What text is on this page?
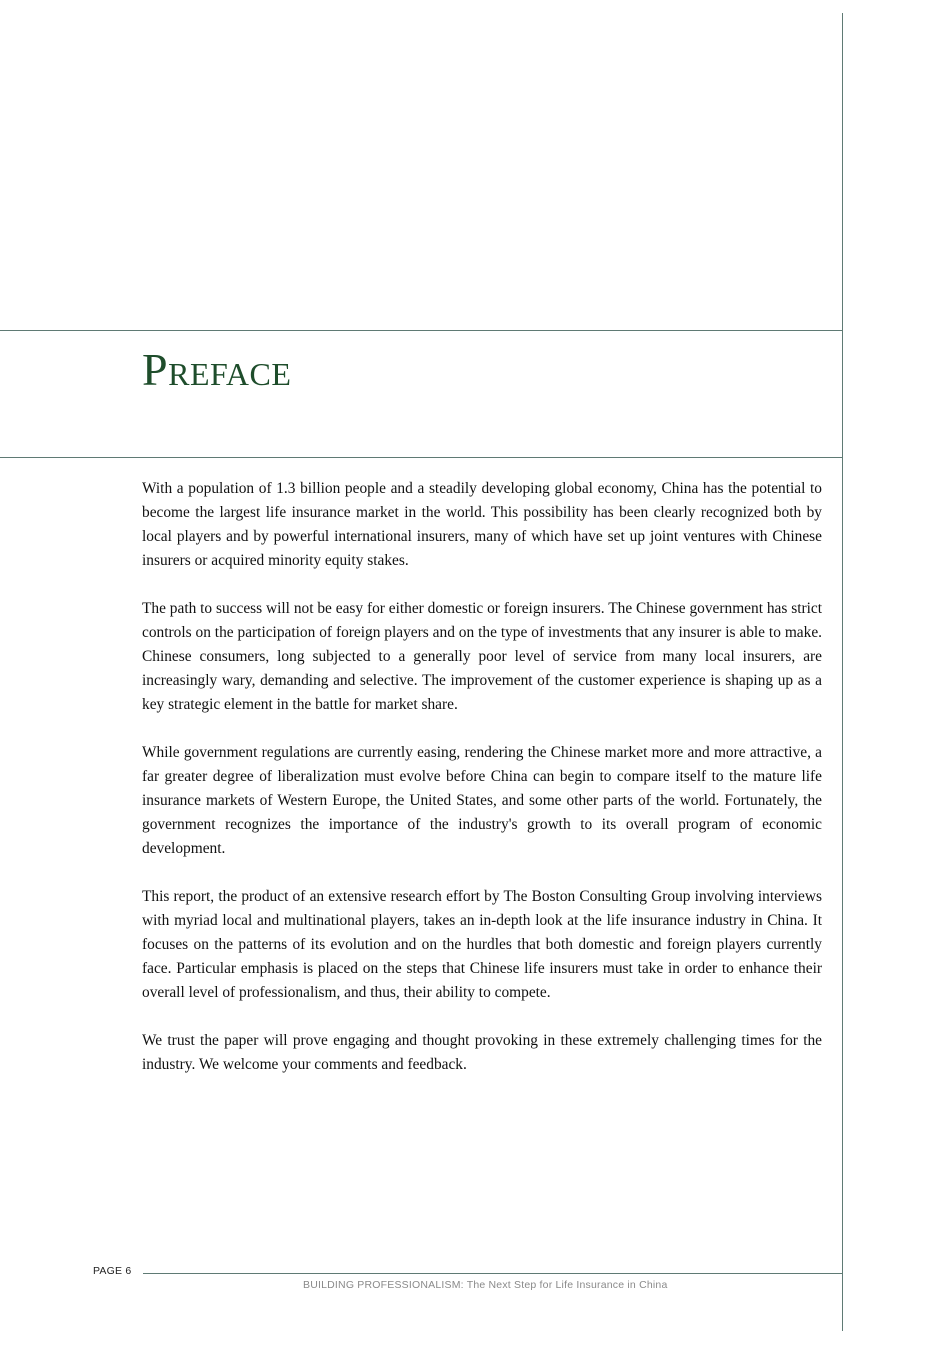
PREFACE

With a population of 1.3 billion people and a steadily developing global economy, China has the potential to become the largest life insurance market in the world. This possibility has been clearly recognized both by local players and by powerful international insurers, many of which have set up joint ventures with Chinese insurers or acquired minority equity stakes.

The path to success will not be easy for either domestic or foreign insurers. The Chinese government has strict controls on the participation of foreign players and on the type of investments that any insurer is able to make. Chinese consumers, long subjected to a generally poor level of service from many local insurers, are increasingly wary, demanding and selective. The improvement of the customer experience is shaping up as a key strategic element in the battle for market share.

While government regulations are currently easing, rendering the Chinese market more and more attractive, a far greater degree of liberalization must evolve before China can begin to compare itself to the mature life insurance markets of Western Europe, the United States, and some other parts of the world. Fortunately, the government recognizes the importance of the industry's growth to its overall program of economic development.

This report, the product of an extensive research effort by The Boston Consulting Group involving interviews with myriad local and multinational players, takes an in-depth look at the life insurance industry in China. It focuses on the patterns of its evolution and on the hurdles that both domestic and foreign players currently face. Particular emphasis is placed on the steps that Chinese life insurers must take in order to enhance their overall level of professionalism, and thus, their ability to compete.

We trust the paper will prove engaging and thought provoking in these extremely challenging times for the industry. We welcome your comments and feedback.

PAGE 6
BUILDING PROFESSIONALISM: The Next Step for Life Insurance in China
